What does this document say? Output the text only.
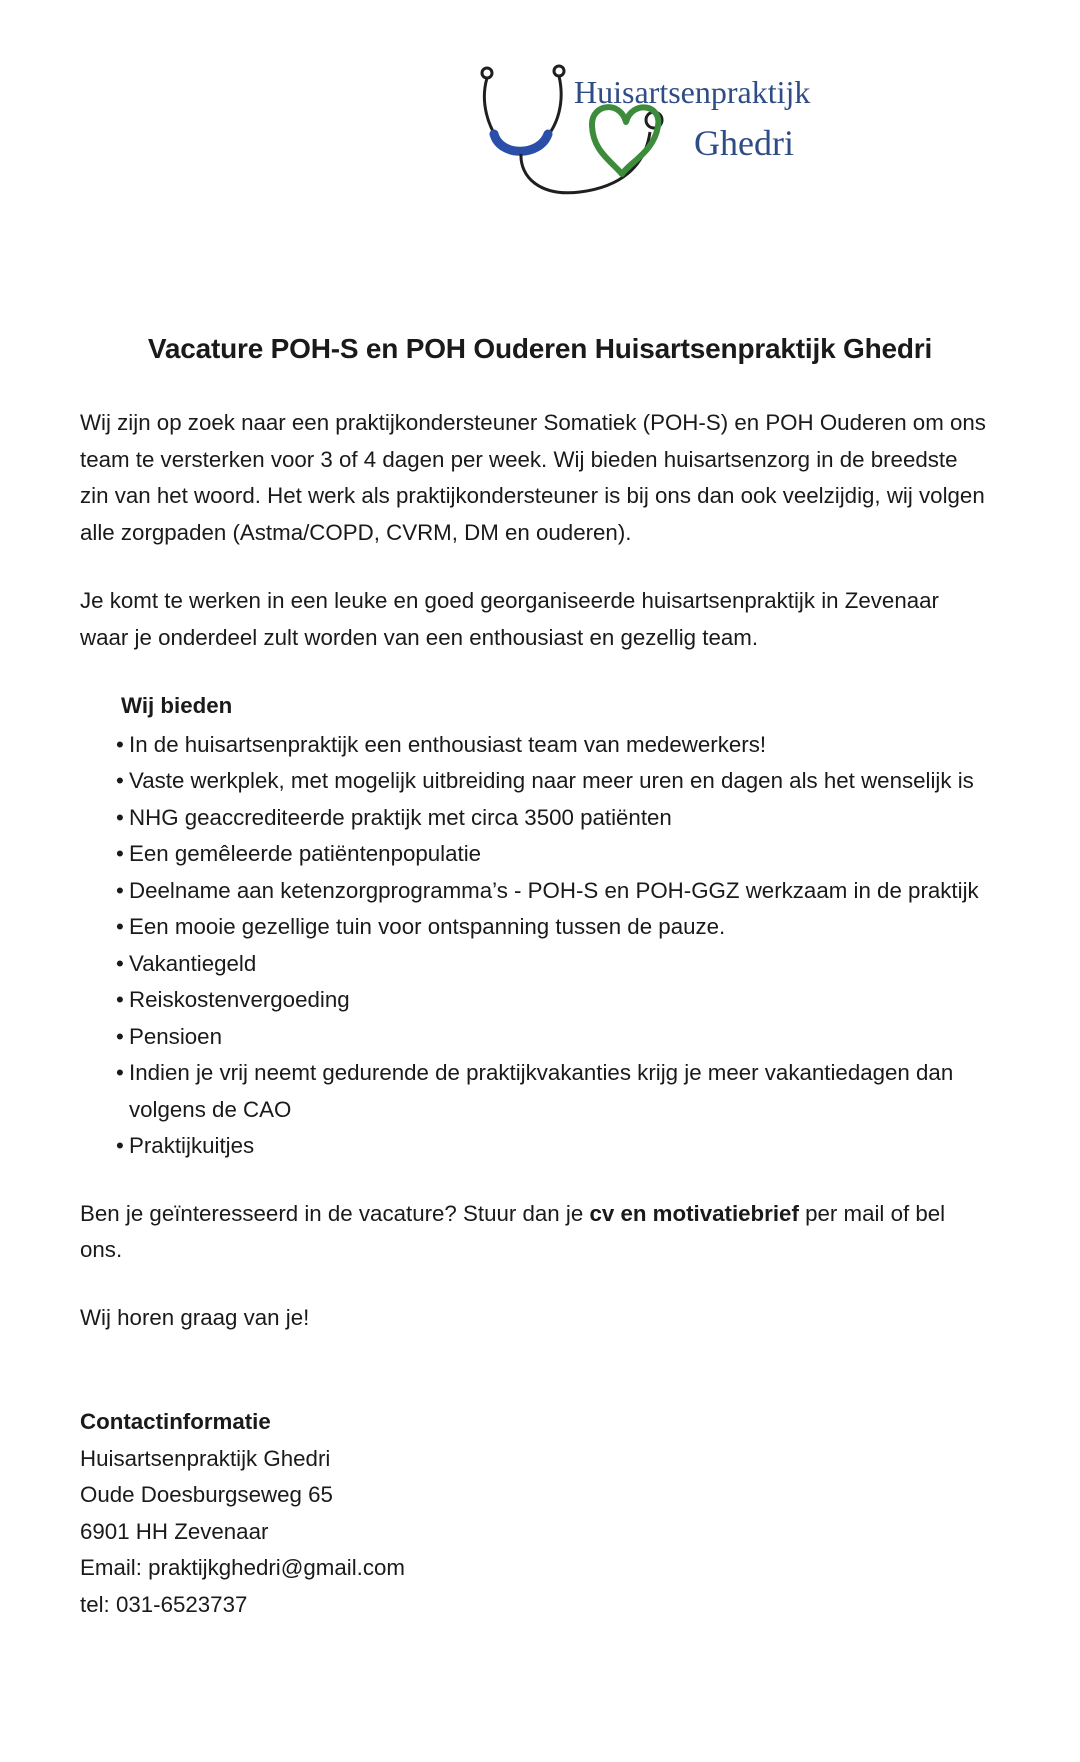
Huisartsenpraktijk
Ghedri
Vacature POH-S en POH Ouderen Huisartsenpraktijk Ghedri

Wij zijn op zoek naar een praktijkondersteuner Somatiek (POH-S) en POH Ouderen om ons team te versterken voor 3 of 4 dagen per week. Wij bieden huisartsenzorg in de breedste zin van het woord. Het werk als praktijkondersteuner is bij ons dan ook veelzijdig, wij volgen alle zorgpaden (Astma/COPD, CVRM, DM en ouderen).

Je komt te werken in een leuke en goed georganiseerde huisartsenpraktijk in Zevenaar waar je onderdeel zult worden van een enthousiast en gezellig team.

Wij bieden
• In de huisartsenpraktijk een enthousiast team van medewerkers!
• Vaste werkplek, met mogelijk uitbreiding naar meer uren en dagen als het wenselijk is
• NHG geaccrediteerde praktijk met circa 3500 patiënten
• Een gemêleerde patiëntenpopulatie
• Deelname aan ketenzorgprogramma’s - POH-S en POH-GGZ werkzaam in de praktijk
• Een mooie gezellige tuin voor ontspanning tussen de pauze.
• Vakantiegeld
• Reiskostenvergoeding
• Pensioen
• Indien je vrij neemt gedurende de praktijkvakanties krijg je meer vakantiedagen dan volgens de CAO
• Praktijkuitjes

Ben je geïnteresseerd in de vacature? Stuur dan je cv en motivatiebrief per mail of bel ons.

Wij horen graag van je!

Contactinformatie

Huisartsenpraktijk Ghedri

Oude Doesburgseweg 65

6901 HH Zevenaar

Email: praktijkghedri@gmail.com

tel: 031-6523737
